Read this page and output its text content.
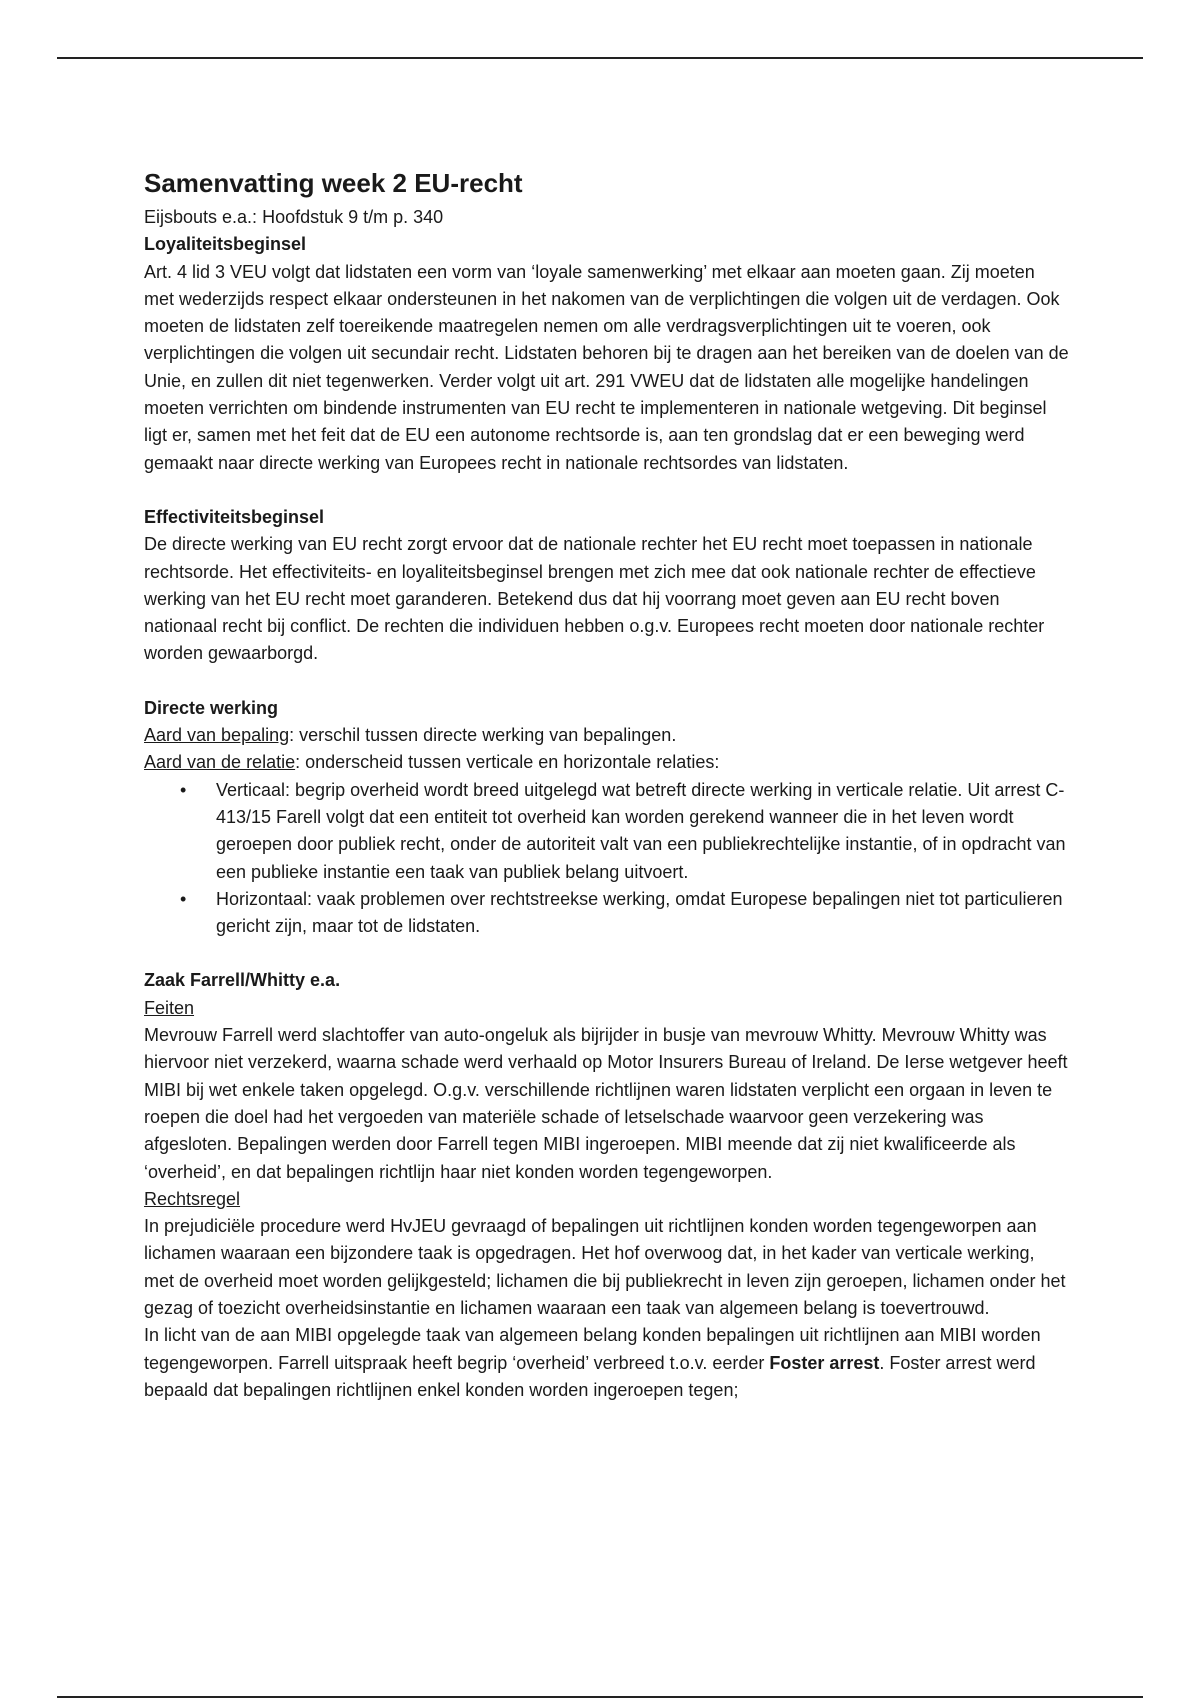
Samenvatting week 2 EU-recht

Eijsbouts e.a.: Hoofdstuk 9 t/m p. 340

Loyaliteitsbeginsel

Art. 4 lid 3 VEU volgt dat lidstaten een vorm van ‘loyale samenwerking’ met elkaar aan moeten gaan. Zij moeten met wederzijds respect elkaar ondersteunen in het nakomen van de verplichtingen die volgen uit de verdagen. Ook moeten de lidstaten zelf toereikende maatregelen nemen om alle verdragsverplichtingen uit te voeren, ook verplichtingen die volgen uit secundair recht. Lidstaten behoren bij te dragen aan het bereiken van de doelen van de Unie, en zullen dit niet tegenwerken. Verder volgt uit art. 291 VWEU dat de lidstaten alle mogelijke handelingen moeten verrichten om bindende instrumenten van EU recht te implementeren in nationale wetgeving. Dit beginsel ligt er, samen met het feit dat de EU een autonome rechtsorde is, aan ten grondslag dat er een beweging werd gemaakt naar directe werking van Europees recht in nationale rechtsordes van lidstaten.

Effectiviteitsbeginsel

De directe werking van EU recht zorgt ervoor dat de nationale rechter het EU recht moet toepassen in nationale rechtsorde. Het effectiviteits- en loyaliteitsbeginsel brengen met zich mee dat ook nationale rechter de effectieve werking van het EU recht moet garanderen. Betekend dus dat hij voorrang moet geven aan EU recht boven nationaal recht bij conflict. De rechten die individuen hebben o.g.v. Europees recht moeten door nationale rechter worden gewaarborgd.

Directe werking

Aard van bepaling: verschil tussen directe werking van bepalingen.

Aard van de relatie: onderscheid tussen verticale en horizontale relaties:

• Verticaal: begrip overheid wordt breed uitgelegd wat betreft directe werking in verticale relatie. Uit arrest C-413/15 Farell volgt dat een entiteit tot overheid kan worden gerekend wanneer die in het leven wordt geroepen door publiek recht, onder de autoriteit valt van een publiekrechtelijke instantie, of in opdracht van een publieke instantie een taak van publiek belang uitvoert.
• Horizontaal: vaak problemen over rechtstreekse werking, omdat Europese bepalingen niet tot particulieren gericht zijn, maar tot de lidstaten.

Zaak Farrell/Whitty e.a.

Feiten

Mevrouw Farrell werd slachtoffer van auto-ongeluk als bijrijder in busje van mevrouw Whitty. Mevrouw Whitty was hiervoor niet verzekerd, waarna schade werd verhaald op Motor Insurers Bureau of Ireland. De Ierse wetgever heeft MIBI bij wet enkele taken opgelegd. O.g.v. verschillende richtlijnen waren lidstaten verplicht een orgaan in leven te roepen die doel had het vergoeden van materiële schade of letselschade waarvoor geen verzekering was afgesloten. Bepalingen werden door Farrell tegen MIBI ingeroepen. MIBI meende dat zij niet kwalificeerde als ‘overheid’, en dat bepalingen richtlijn haar niet konden worden tegengeworpen.

Rechtsregel

In prejudiciële procedure werd HvJEU gevraagd of bepalingen uit richtlijnen konden worden tegengeworpen aan lichamen waaraan een bijzondere taak is opgedragen. Het hof overwoog dat, in het kader van verticale werking, met de overheid moet worden gelijkgesteld; lichamen die bij publiekrecht in leven zijn geroepen, lichamen onder het gezag of toezicht overheidsinstantie en lichamen waaraan een taak van algemeen belang is toevertrouwd.

In licht van de aan MIBI opgelegde taak van algemeen belang konden bepalingen uit richtlijnen aan MIBI worden tegengeworpen. Farrell uitspraak heeft begrip ‘overheid’ verbreed t.o.v. eerder Foster arrest. Foster arrest werd bepaald dat bepalingen richtlijnen enkel konden worden ingeroepen tegen;
